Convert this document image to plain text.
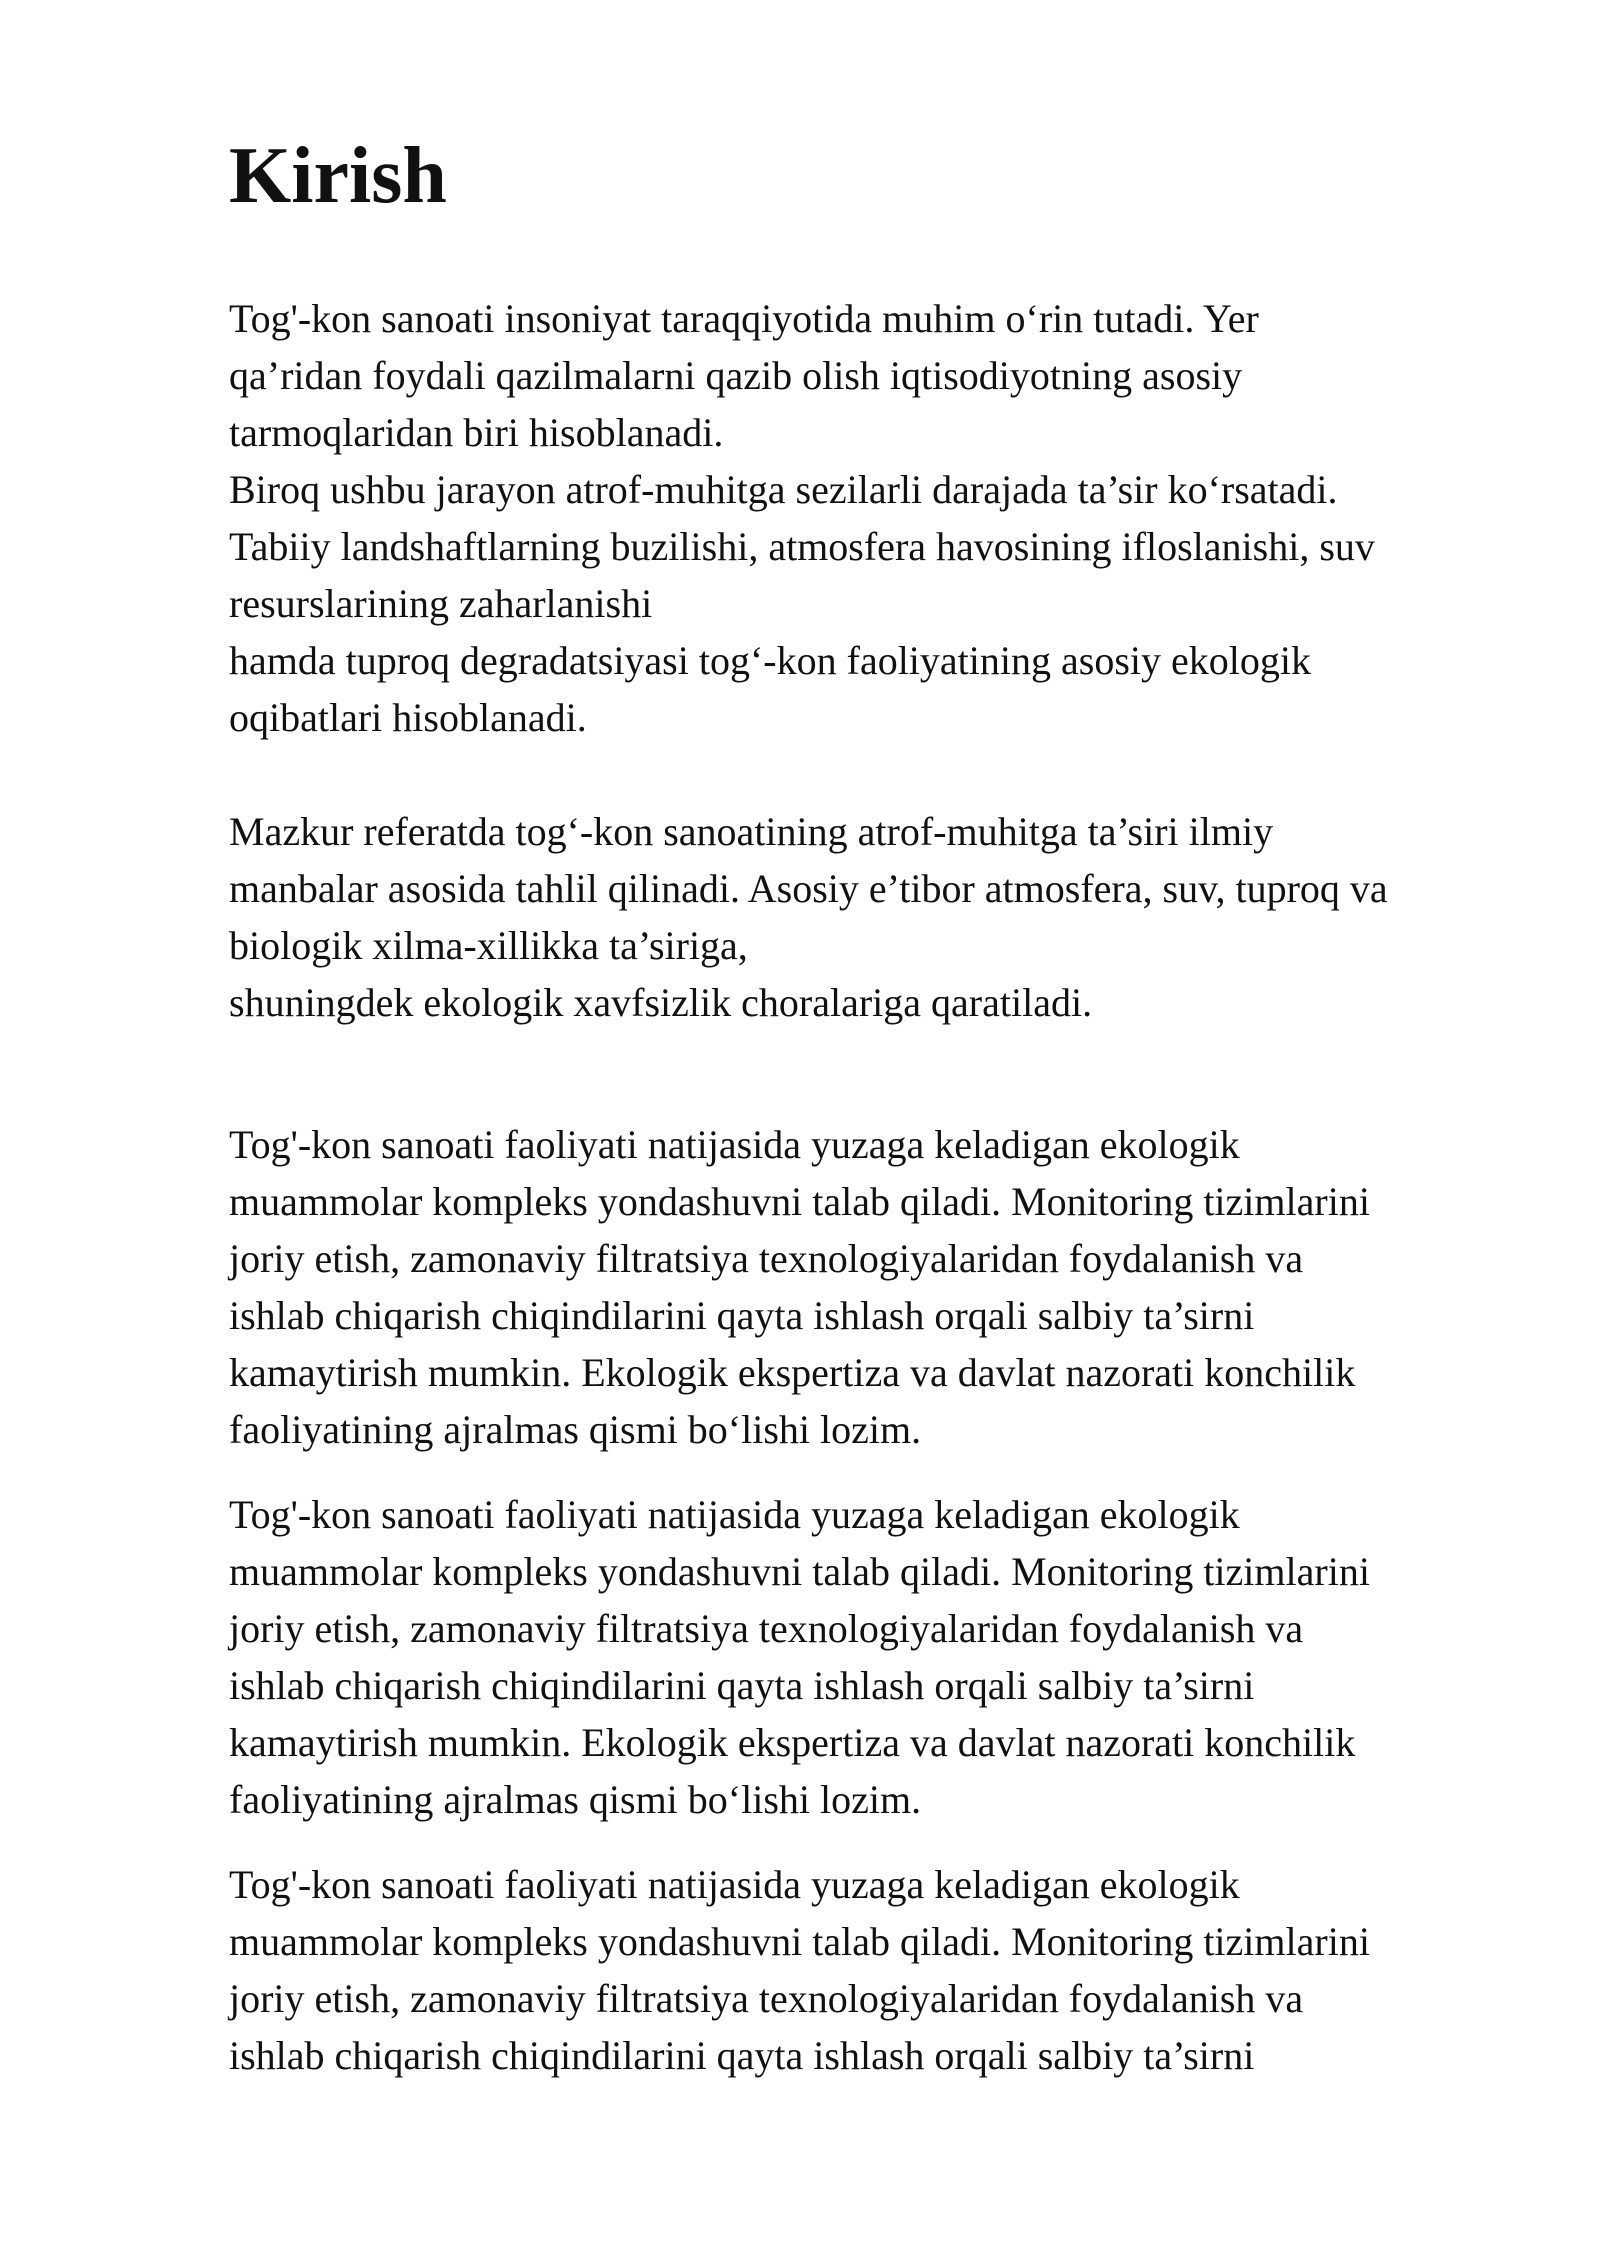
Kirish
Tog'-kon sanoati insoniyat taraqqiyotida muhim o‘rin tutadi. Yer
qa’ridan foydali qazilmalarni qazib olish iqtisodiyotning asosiy
tarmoqlaridan biri hisoblanadi.
Biroq ushbu jarayon atrof-muhitga sezilarli darajada ta’sir ko‘rsatadi.
Tabiiy landshaftlarning buzilishi, atmosfera havosining ifloslanishi, suv
resurslarining zaharlanishi
hamda tuproq degradatsiyasi tog‘-kon faoliyatining asosiy ekologik
oqibatlari hisoblanadi.
Mazkur referatda tog‘-kon sanoatining atrof-muhitga ta’siri ilmiy
manbalar asosida tahlil qilinadi. Asosiy e’tibor atmosfera, suv, tuproq va
biologik xilma-xillikka ta’siriga,
shuningdek ekologik xavfsizlik choralariga qaratiladi.
Tog'-kon sanoati faoliyati natijasida yuzaga keladigan ekologik
muammolar kompleks yondashuvni talab qiladi. Monitoring tizimlarini
joriy etish, zamonaviy filtratsiya texnologiyalaridan foydalanish va
ishlab chiqarish chiqindilarini qayta ishlash orqali salbiy ta’sirni
kamaytirish mumkin. Ekologik ekspertiza va davlat nazorati konchilik
faoliyatining ajralmas qismi bo‘lishi lozim.
Tog'-kon sanoati faoliyati natijasida yuzaga keladigan ekologik
muammolar kompleks yondashuvni talab qiladi. Monitoring tizimlarini
joriy etish, zamonaviy filtratsiya texnologiyalaridan foydalanish va
ishlab chiqarish chiqindilarini qayta ishlash orqali salbiy ta’sirni
kamaytirish mumkin. Ekologik ekspertiza va davlat nazorati konchilik
faoliyatining ajralmas qismi bo‘lishi lozim.
Tog'-kon sanoati faoliyati natijasida yuzaga keladigan ekologik
muammolar kompleks yondashuvni talab qiladi. Monitoring tizimlarini
joriy etish, zamonaviy filtratsiya texnologiyalaridan foydalanish va
ishlab chiqarish chiqindilarini qayta ishlash orqali salbiy ta’sirni
